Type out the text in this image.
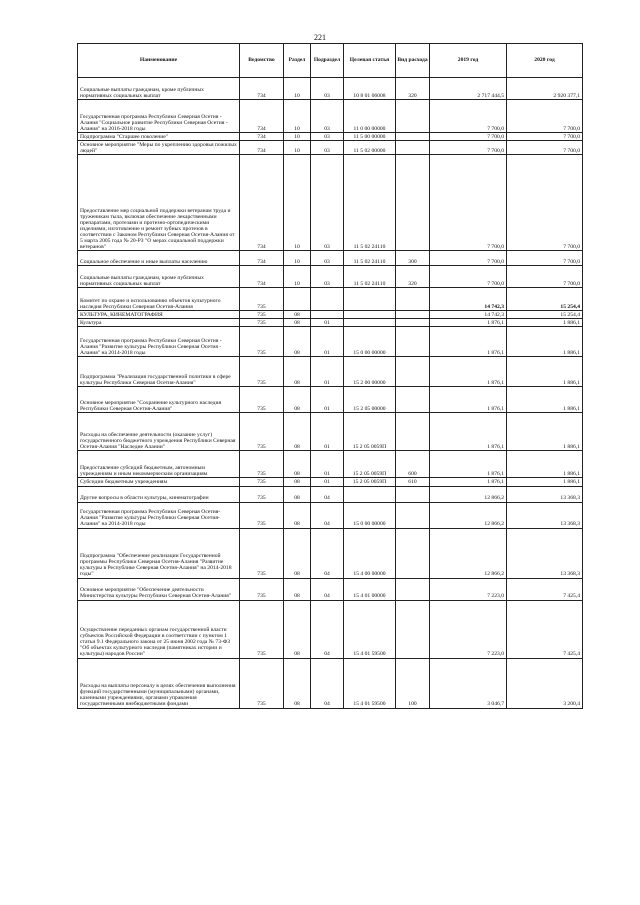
221
Наименование	Ведомство	Раздел	Подраздел	Целевая статья	Вид расхода	2019 год	2020 год
Социальные выплаты гражданам, кроме публичных нормативных социальных выплат	734	10	03	10 8 01 06008	320	2 717 444,5	2 920 377,1
Государственная программа Республики Северная Осетия - Алания "Социальное развитие Республики Северная Осетия - Алания" на 2016-2018 годы	734	10	03	11 0 00 00000		7 700,0	7 700,0
Подпрограмма "Старшее поколение"	734	10	03	11 5 00 00000		7 700,0	7 700,0
Основное мероприятие "Меры по укреплению здоровья пожилых людей"	734	10	03	11 5 02 00000		7 700,0	7 700,0
Предоставление мер социальной поддержки ветеранам труда и труженикам тыла, включая обеспечение лекарственными препаратами, протезами и протезно-ортопедическими изделиями, изготовление и ремонт зубных протезов в соответствии с Законом Республики Северная Осетия-Алания от 5 марта 2005 года № 20-РЗ "О мерах социальной поддержки ветеранов"	734	10	03	11 5 02 24110		7 700,0	7 700,0
Социальное обеспечение и иные выплаты населению	734	10	03	11 5 02 24110	300	7 700,0	7 700,0
Социальные выплаты гражданам, кроме публичных нормативных социальных выплат	734	10	03	11 5 02 24110	320	7 700,0	7 700,0
Комитет по охране и использованию объектов культурного наследия Республики Северная Осетия-Алания	735					14 742,3	15 254,4
КУЛЬТУРА, КИНЕМАТОГРАФИЯ	735	08				14 742,3	15 254,4
Культура	735	08	01			1 876,1	1 886,1
Государственная программа Республики Северная Осетия - Алания "Развитие культуры Республики Северная Осетия - Алания" на 2014-2018 годы	735	08	01	15 0 00 00000		1 876,1	1 886,1
Подпрограмма "Реализация государственной политики в сфере культуры Республики Северная Осетия-Алания"	735	08	01	15 2 00 00000		1 876,1	1 886,1
Основное мероприятие "Сохранение культурного наследия Республики Северная Осетия-Алания"	735	08	01	15 2 05 00000		1 876,1	1 886,1
Расходы на обеспечение деятельности (оказание услуг) государственного бюджетного учреждения Республики Северная Осетия-Алания "Наследие Алании"	735	08	01	15 2 05 0059П		1 876,1	1 886,1
Предоставление субсидий бюджетным, автономным учреждениям и иным некоммерческим организациям	735	08	01	15 2 05 0059П	600	1 876,1	1 886,1
Субсидии бюджетным учреждениям	735	08	01	15 2 05 0059П	610	1 876,1	1 886,1
Другие вопросы в области культуры, кинематографии	735	08	04			12 866,2	13 368,3
Государственная программа Республики Северная Осетия-Алания "Развитие культуры Республики Северная Осетия-Алания" на 2014-2018 годы	735	08	04	15 0 00 00000		12 866,2	13 368,3
Подпрограмма "Обеспечение реализации Государственной программы Республики Северная Осетия-Алания "Развитие культуры в Республике Северная Осетия-Алания" на 2014-2018 годы"	735	08	04	15 4 00 00000		12 866,2	13 368,3
Основное мероприятие "Обеспечение деятельности Министерства культуры Республики Северная Осетия-Алания"	735	08	04	15 4 01 00000		7 223,0	7 425,4
Осуществление переданных органам государственной власти субъектов Российской Федерации в соответствии с пунктом 1 статьи 9.1 Федерального закона от 25 июня 2002 года № 73-ФЗ "Об объектах культурного наследия (памятниках истории и культуры) народов России"	735	08	04	15 4 01 59500		7 223,0	7 425,4
Расходы на выплаты персоналу в целях обеспечения выполнения функций государственными (муниципальными) органами, казенными учреждениями, органами управления государственными внебюджетными фондами	735	08	04	15 4 01 59500	100	3 046,7	3 200,4
